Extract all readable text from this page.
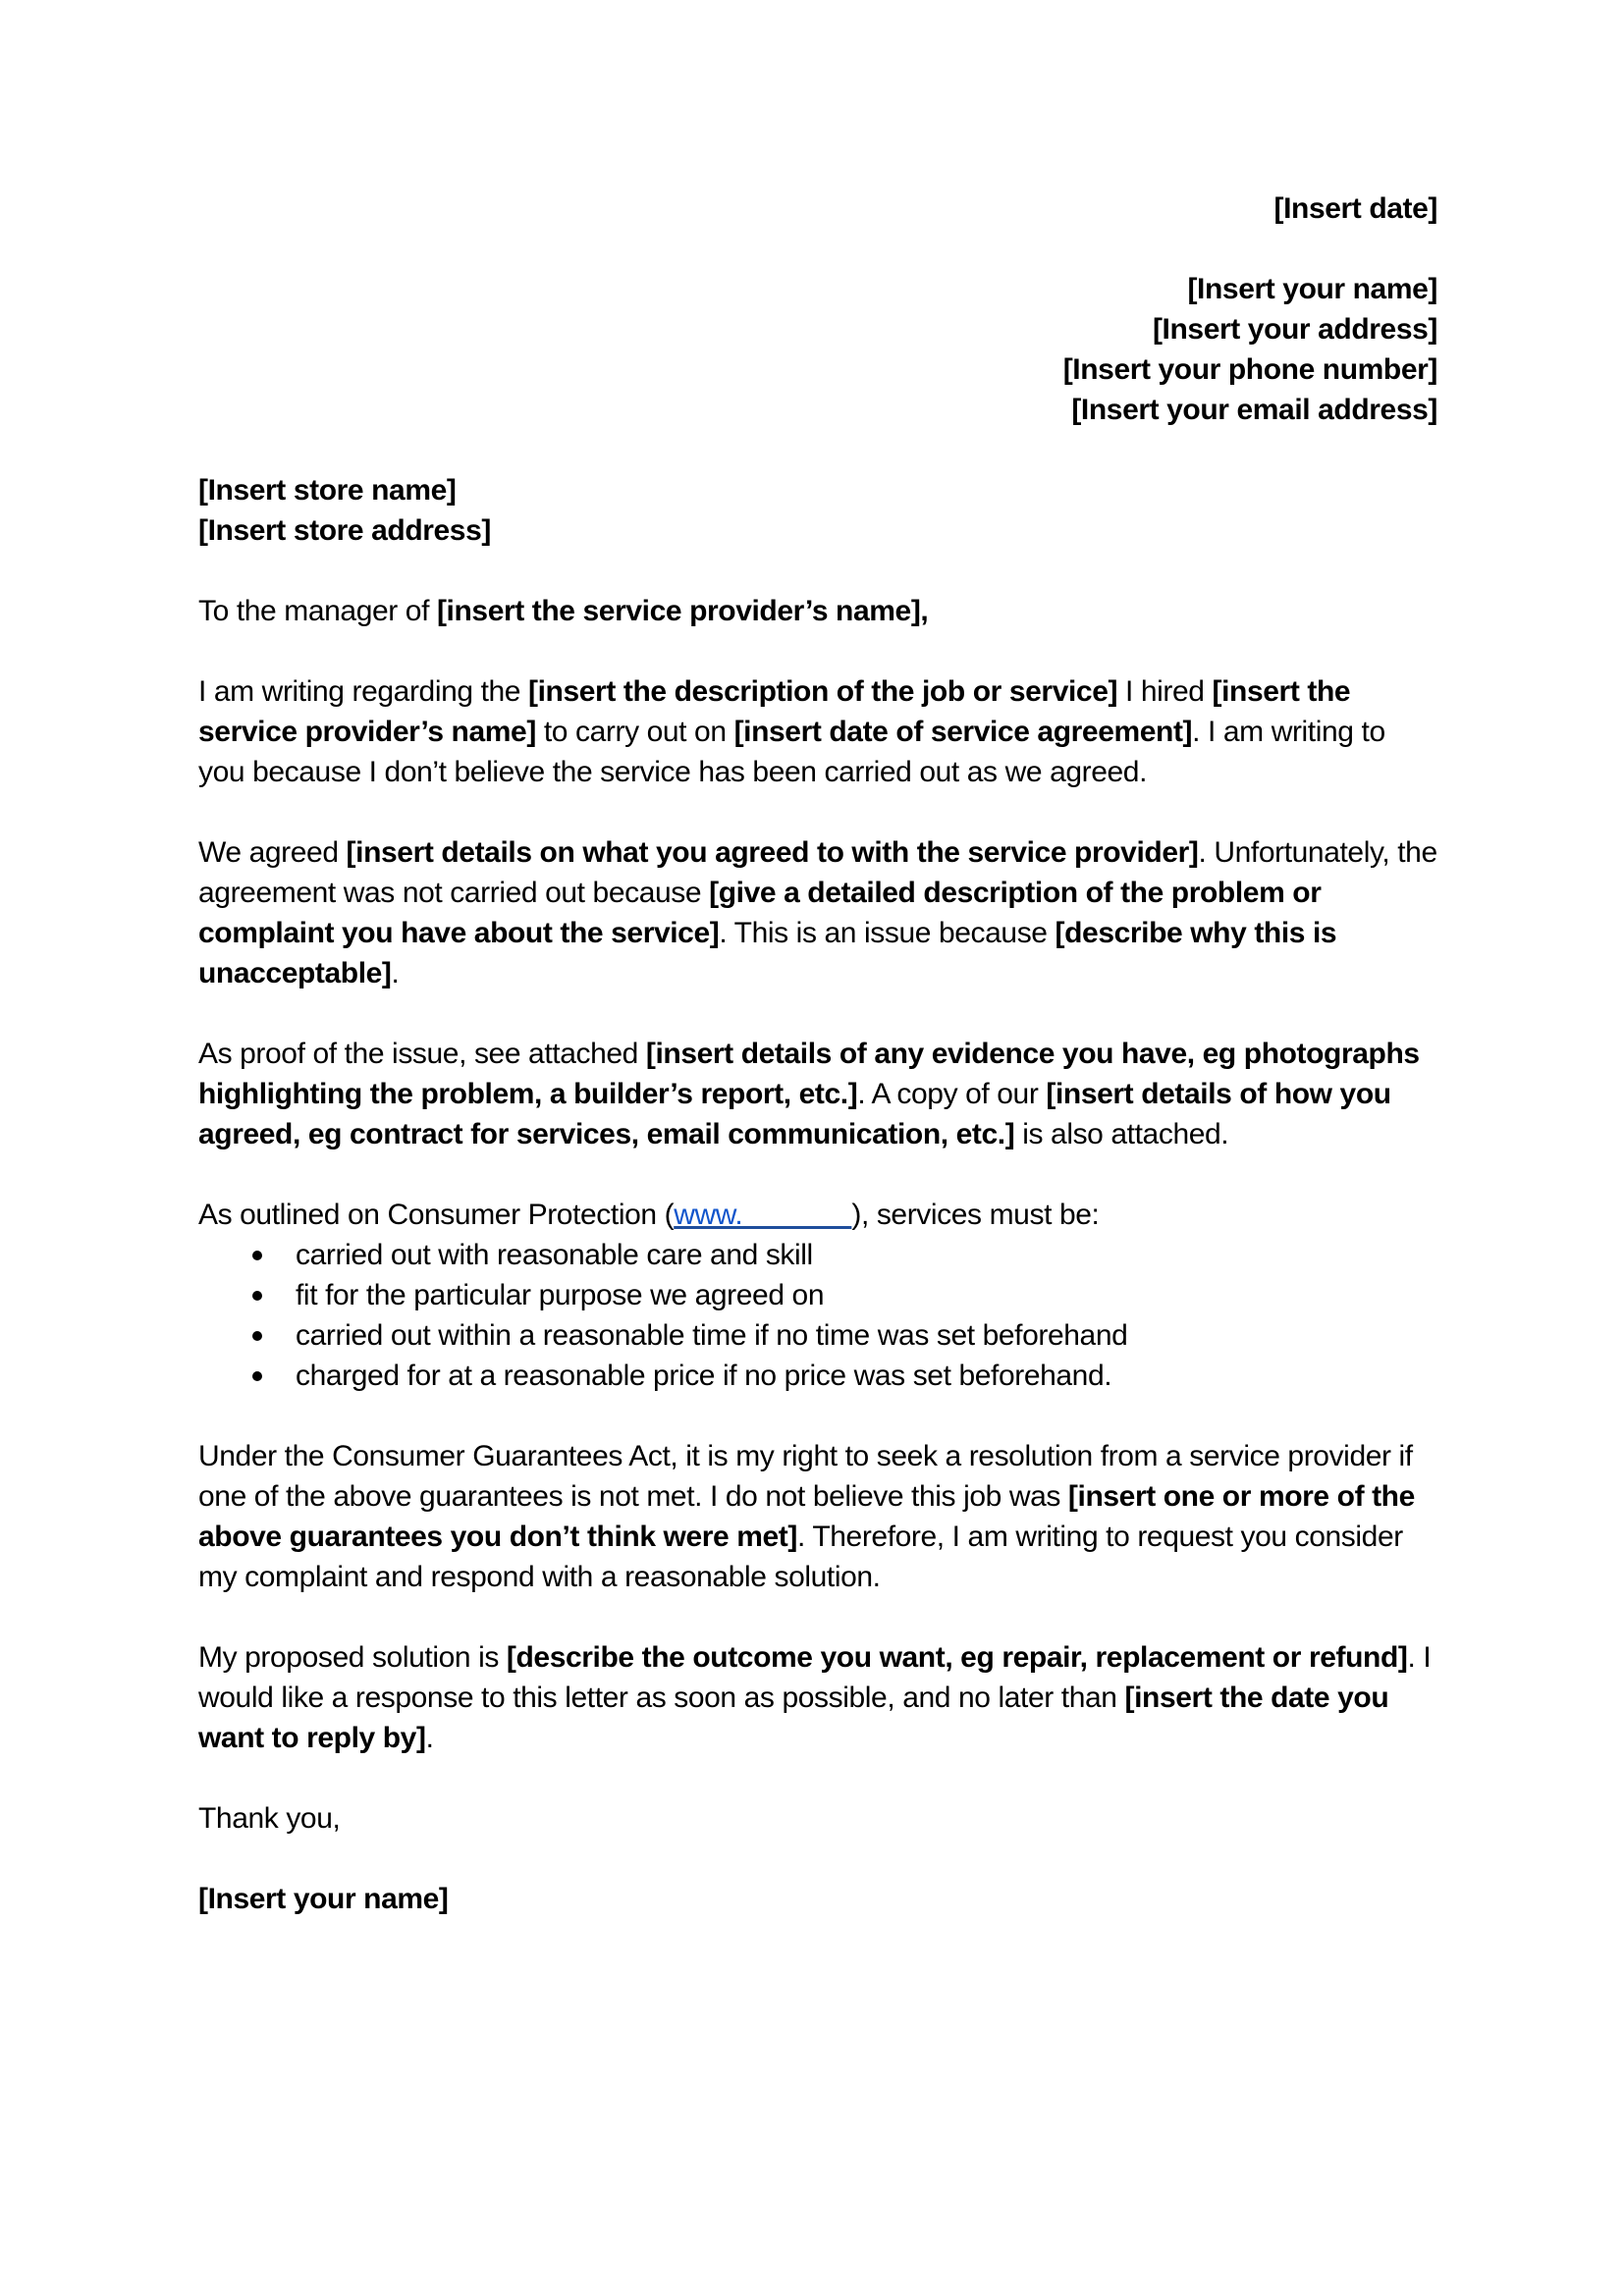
[Insert date]

[Insert your name]

[Insert your address]

[Insert your phone number]

[Insert your email address]

[Insert store name]

[Insert store address]

To the manager of [insert the service provider’s name],

I am writing regarding the [insert the description of the job or service] I hired [insert the service provider’s name] to carry out on [insert date of service agreement]. I am writing to you because I don’t believe the service has been carried out as we agreed.

We agreed [insert details on what you agreed to with the service provider]. Unfortunately, the agreement was not carried out because [give a detailed description of the problem or complaint you have about the service]. This is an issue because [describe why this is unacceptable].

As proof of the issue, see attached [insert details of any evidence you have, eg photographs highlighting the problem, a builder’s report, etc.]. A copy of our [insert details of how you agreed, eg contract for services, email communication, etc.] is also attached.

As outlined on Consumer Protection (www.              ), services must be:

carried out with reasonable care and skill
fit for the particular purpose we agreed on
carried out within a reasonable time if no time was set beforehand
charged for at a reasonable price if no price was set beforehand.

Under the Consumer Guarantees Act, it is my right to seek a resolution from a service provider if one of the above guarantees is not met. I do not believe this job was [insert one or more of the above guarantees you don’t think were met]. Therefore, I am writing to request you consider my complaint and respond with a reasonable solution.

My proposed solution is [describe the outcome you want, eg repair, replacement or refund]. I would like a response to this letter as soon as possible, and no later than [insert the date you want to reply by].

Thank you,

[Insert your name]
